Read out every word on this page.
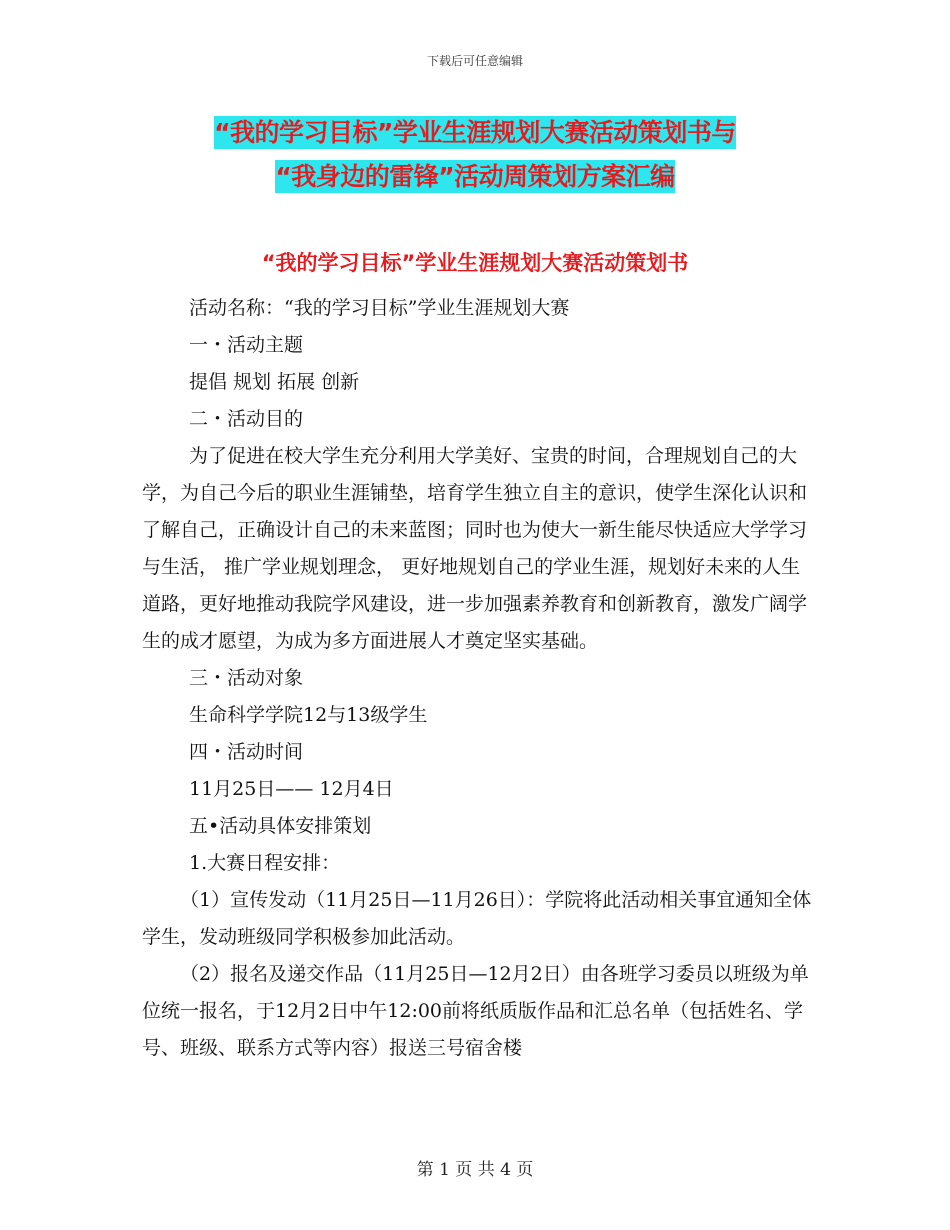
下载后可任意编辑
“我的学习目标”学业生涯规划大赛活动策划书与
“我身边的雷锋”活动周策划方案汇编
“我的学习目标”学业生涯规划大赛活动策划书

活动名称：“我的学习目标”学业生涯规划大赛

一・活动主题

提倡 规划 拓展 创新

二・活动目的

为了促进在校大学生充分利用大学美好、宝贵的时间，合理规划自己的大学，为自己今后的职业生涯铺垫，培育学生独立自主的意识，使学生深化认识和了解自己，正确设计自己的未来蓝图；同时也为使大一新生能尽快适应大学学习与生活， 推广学业规划理念， 更好地规划自己的学业生涯，规划好未来的人生道路，更好地推动我院学风建设，进一步加强素养教育和创新教育，激发广阔学生的成才愿望，为成为多方面进展人才奠定坚实基础。

三・活动对象

生命科学学院12与13级学生

四・活动时间

11月25日—— 12月4日

五•活动具体安排策划

1.大赛日程安排：

（1）宣传发动（11月25日—11月26日）：学院将此活动相关事宜通知全体学生，发动班级同学积极参加此活动。

（2）报名及递交作品（11月25日—12月2日）由各班学习委员以班级为单位统一报名，于12月2日中午12:00前将纸质版作品和汇总名单（包括姓名、学号、班级、联系方式等内容）报送三号宿舍楼

第 1 页 共 4 页
